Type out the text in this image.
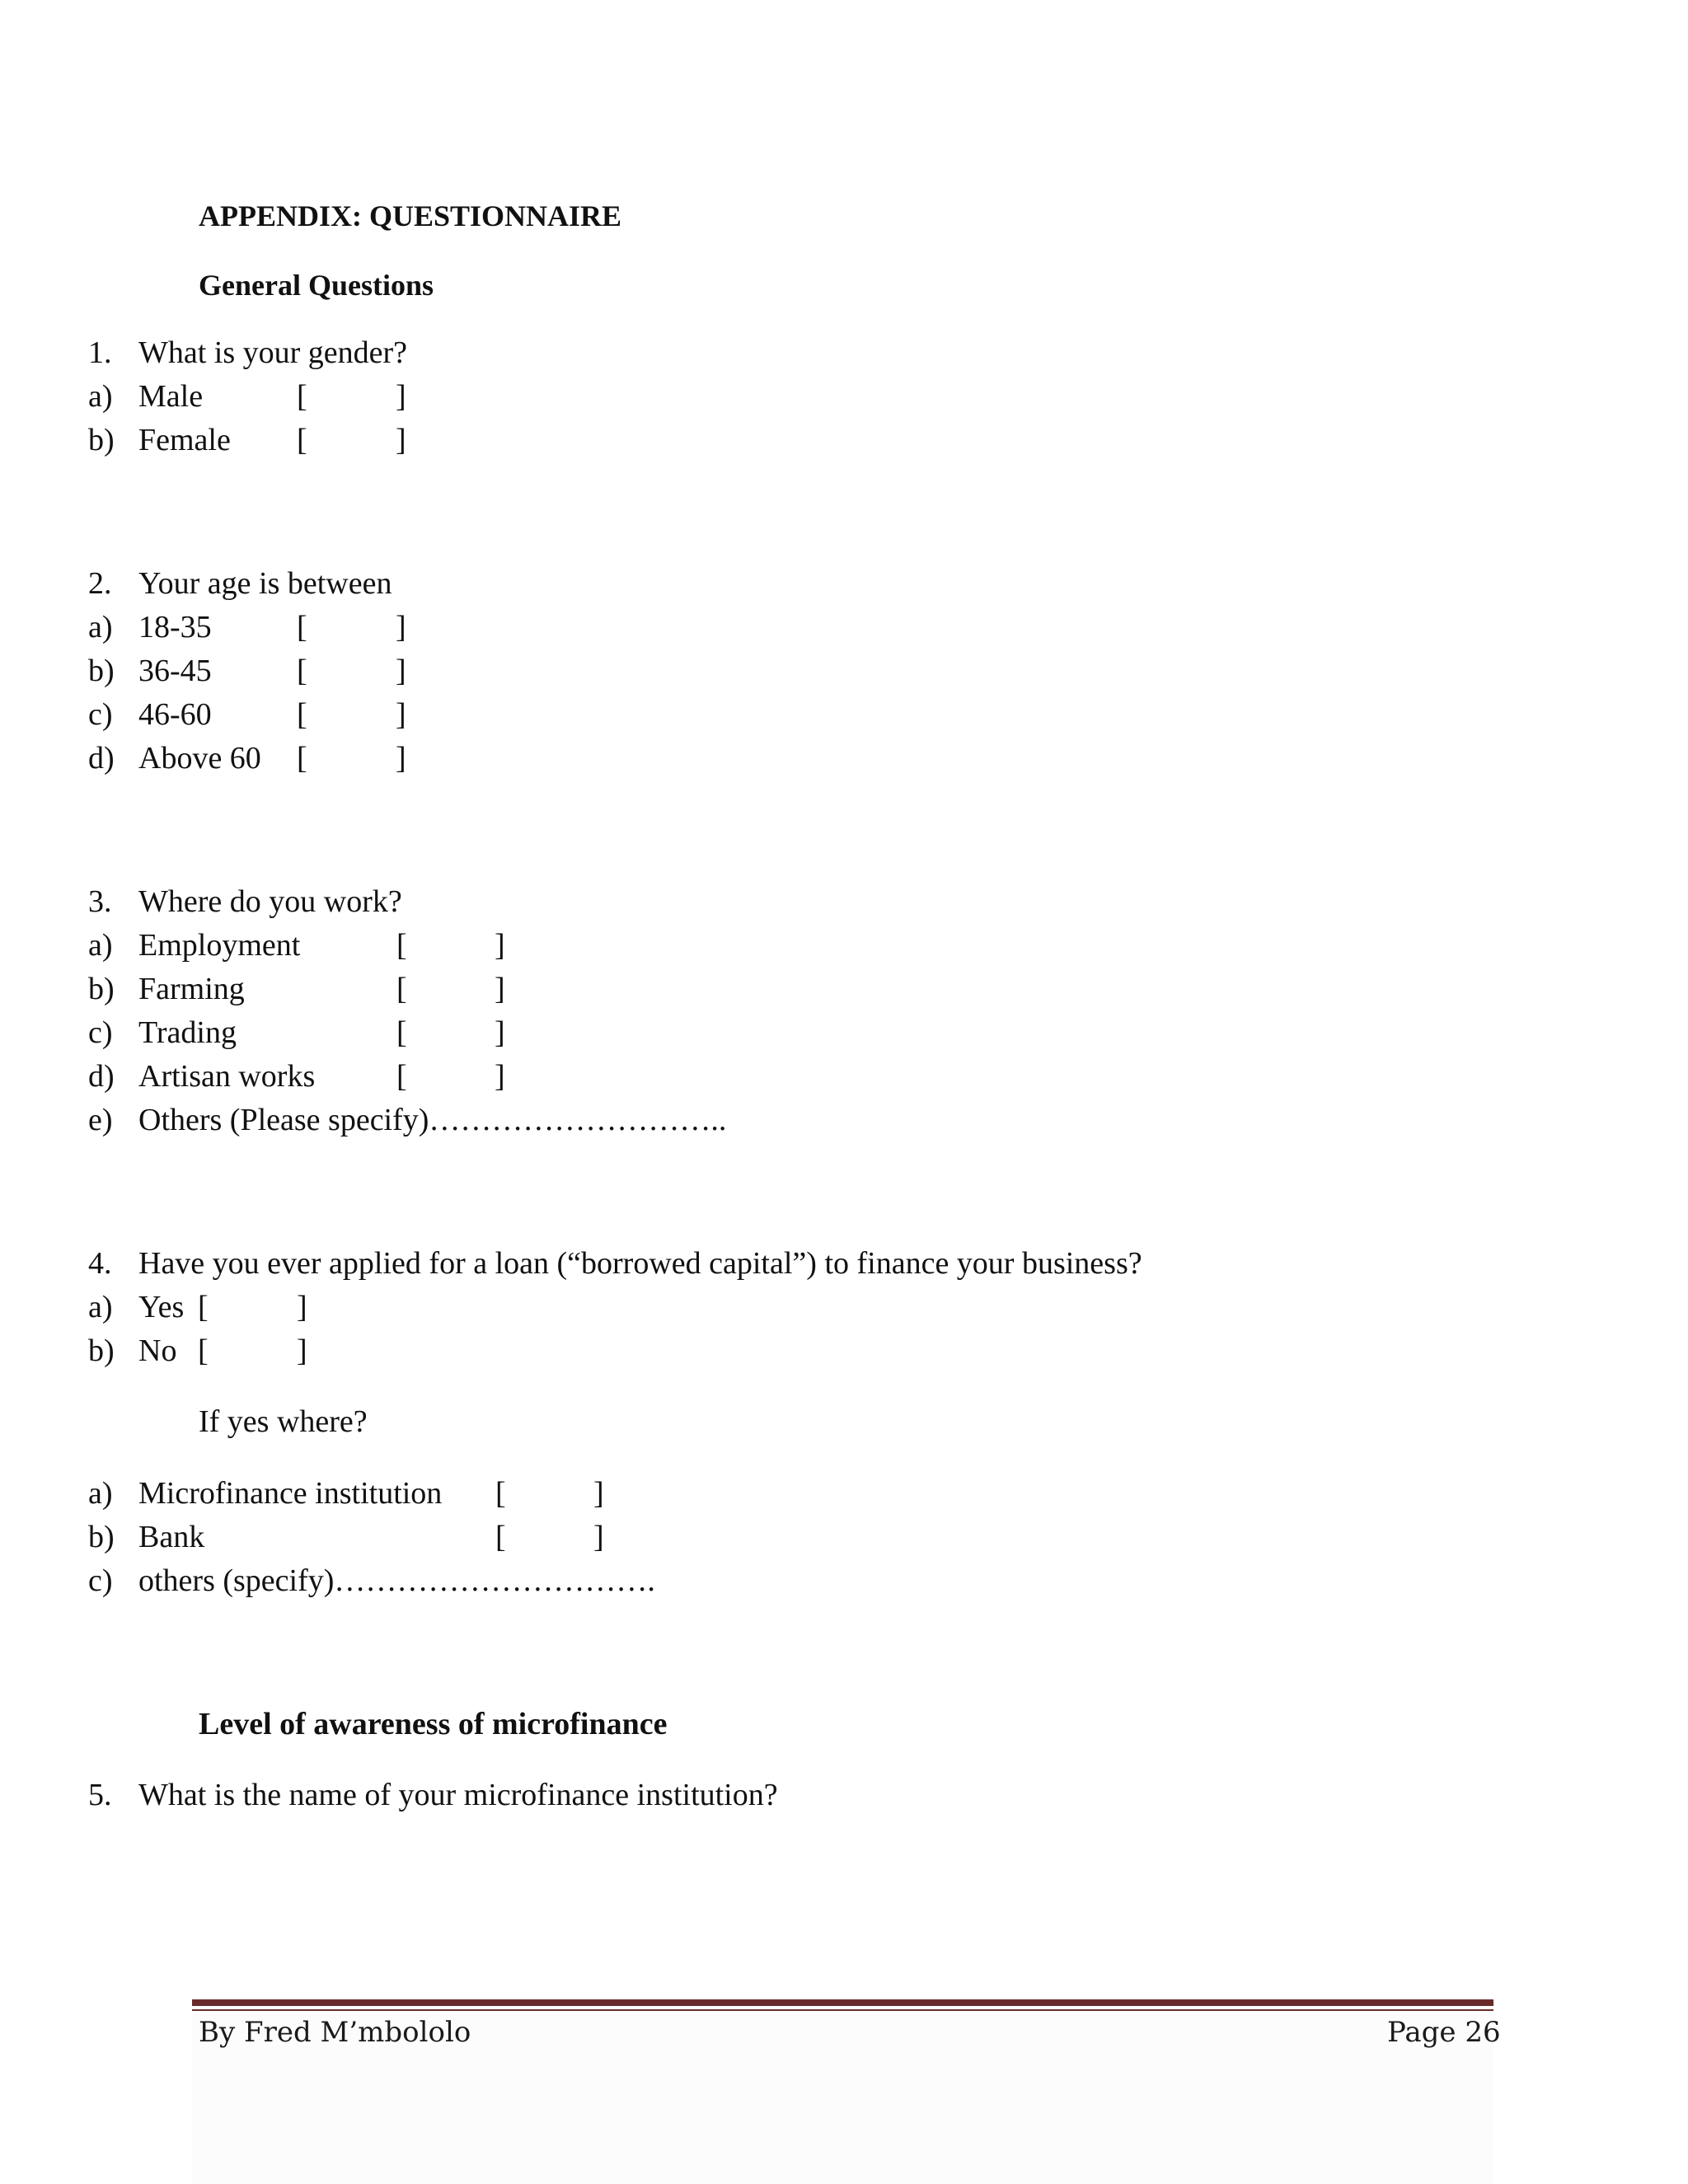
APPENDIX: QUESTIONNAIRE
General Questions
1. What is your gender?
a) Male	[	]
b) Female [	]
2. Your age is between
a) 18-35	[	]
b) 36-45	[	]
c) 46-60	[	]
d) Above 60 [	]
3. Where do you work?
a) Employment	[	]
b) Farming	[	]
c) Trading	[	]
d) Artisan works	[	]
e) Others (Please specify)………………………..
4. Have you ever applied for a loan (“borrowed capital”) to finance your business?
a) Yes [	]
b) No [	]
If yes where?
a) Microfinance institution [	]
b) Bank	[	]
c) others (specify)………………………….
Level of awareness of microfinance
5. What is the name of your microfinance institution?
By Fred M’mbololo	Page 26
